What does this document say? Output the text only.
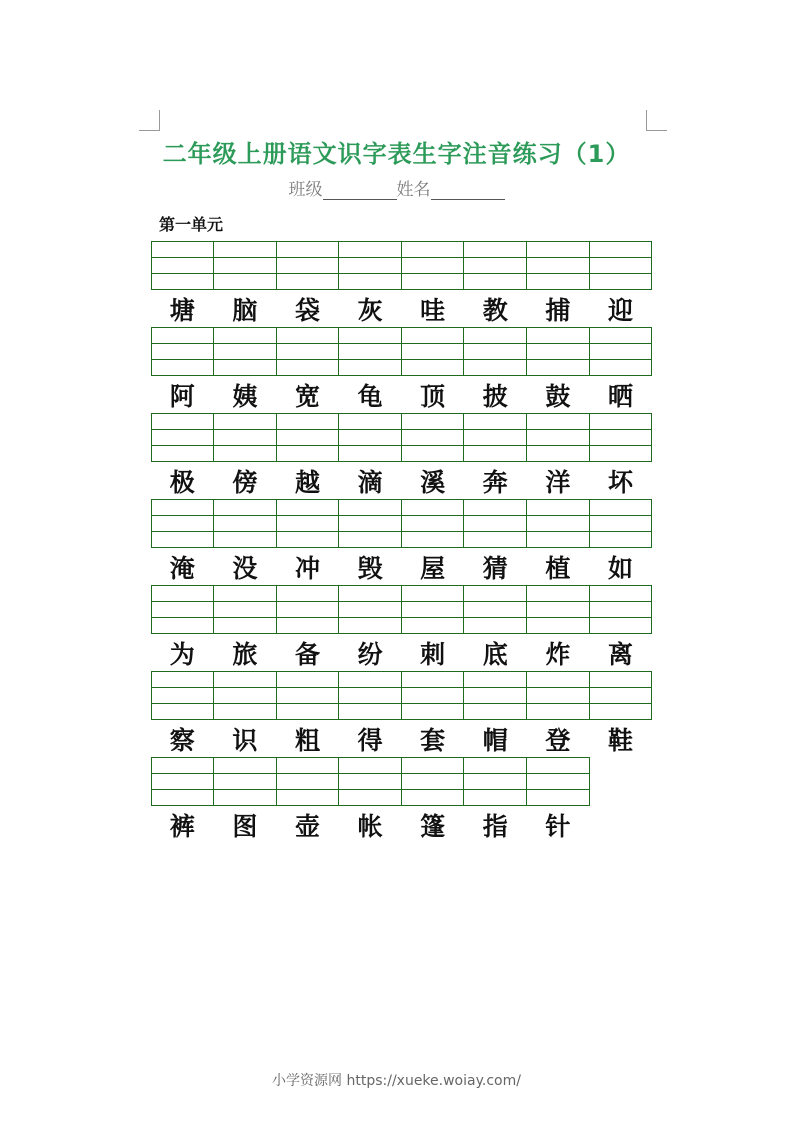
二年级上册语文识字表生字注音练习（1）
班级	姓名
第一单元
塘	脑	袋	灰	哇	教	捕	迎
阿	姨	宽	龟	顶	披	鼓	晒
极	傍	越	滴	溪	奔	洋	坏
淹	没	冲	毁	屋	猜	植	如
为	旅	备	纷	刺	底	炸	离
察	识	粗	得	套	帽	登	鞋
裤	图	壶	帐	篷	指	针
小学资源网 https://xueke.woiay.com/
